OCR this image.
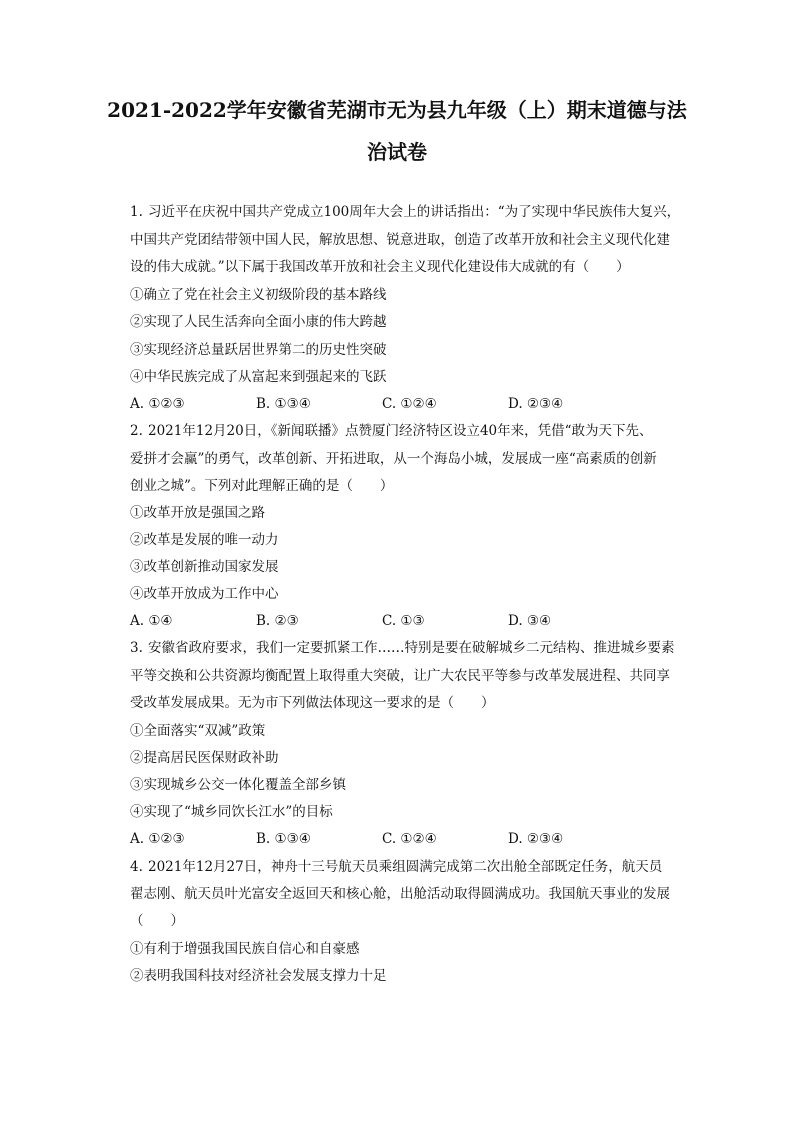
2021-2022学年安徽省芜湖市无为县九年级（上）期末道德与法
治试卷
1. 习近平在庆祝中国共产党成立100周年大会上的讲话指出：“为了实现中华民族伟大复兴，
中国共产党团结带领中国人民，解放思想、锐意进取，创造了改革开放和社会主义现代化建
设的伟大成就。”以下属于我国改革开放和社会主义现代化建设伟大成就的有（　　）
①确立了党在社会主义初级阶段的基本路线
②实现了人民生活奔向全面小康的伟大跨越
③实现经济总量跃居世界第二的历史性突破
④中华民族完成了从富起来到强起来的飞跃
A. ①②③	B. ①③④	C. ①②④	D. ②③④
2. 2021年12月20日，《新闻联播》点赞厦门经济特区设立40年来，凭借“敢为天下先、
爱拼才会赢”的勇气，改革创新、开拓进取，从一个海岛小城，发展成一座“高素质的创新
创业之城”。下列对此理解正确的是（　　）
①改革开放是强国之路
②改革是发展的唯一动力
③改革创新推动国家发展
④改革开放成为工作中心
A. ①④	B. ②③	C. ①③	D. ③④
3. 安徽省政府要求，我们一定要抓紧工作……特别是要在破解城乡二元结构、推进城乡要素
平等交换和公共资源均衡配置上取得重大突破，让广大农民平等参与改革发展进程、共同享
受改革发展成果。无为市下列做法体现这一要求的是（　　）
①全面落实“双减”政策
②提高居民医保财政补助
③实现城乡公交一体化覆盖全部乡镇
④实现了“城乡同饮长江水”的目标
A. ①②③	B. ①③④	C. ①②④	D. ②③④
4. 2021年12月27日，神舟十三号航天员乘组圆满完成第二次出舱全部既定任务，航天员
翟志刚、航天员叶光富安全返回天和核心舱，出舱活动取得圆满成功。我国航天事业的发展
（　　）
①有利于增强我国民族自信心和自豪感
②表明我国科技对经济社会发展支撑力十足
